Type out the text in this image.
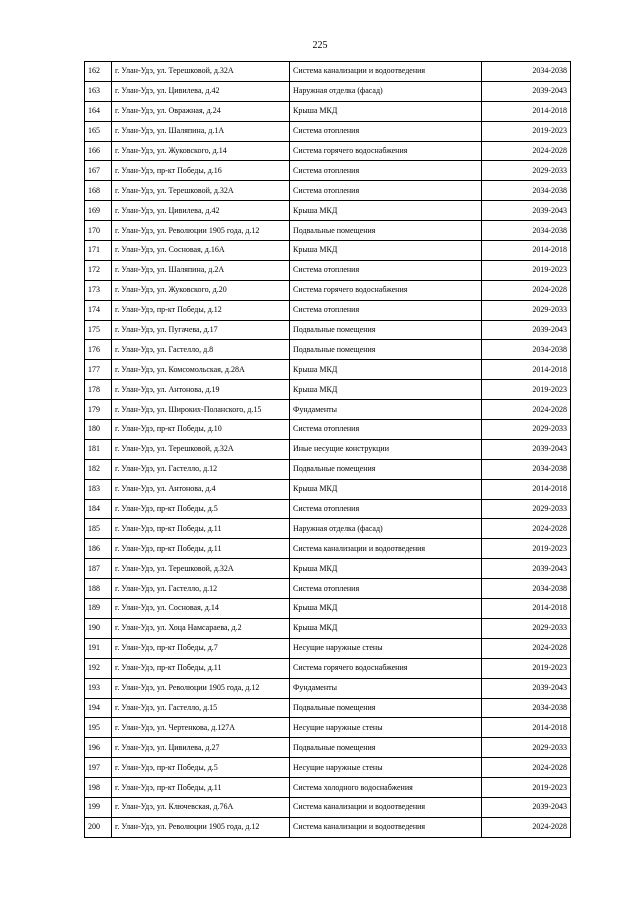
225
162	г. Улан-Удэ, ул. Терешковой, д.32А	Система канализации и водоотведения	2034-2038
163	г. Улан-Удэ, ул. Цивилева, д.42	Наружная отделка (фасад)	2039-2043
164	г. Улан-Удэ, ул. Овражная, д.24	Крыша МКД	2014-2018
165	г. Улан-Удэ, ул. Шаляпина, д.1А	Система отопления	2019-2023
166	г. Улан-Удэ, ул. Жуковского, д.14	Система горячего водоснабжения	2024-2028
167	г. Улан-Удэ, пр-кт Победы, д.16	Система отопления	2029-2033
168	г. Улан-Удэ, ул. Терешковой, д.32А	Система отопления	2034-2038
169	г. Улан-Удэ, ул. Цивилева, д.42	Крыша МКД	2039-2043
170	г. Улан-Удэ, ул. Революции 1905 года, д.12	Подвальные помещения	2034-2038
171	г. Улан-Удэ, ул. Сосновая, д.16А	Крыша МКД	2014-2018
172	г. Улан-Удэ, ул. Шаляпина, д.2А	Система отопления	2019-2023
173	г. Улан-Удэ, ул. Жуковского, д.20	Система горячего водоснабжения	2024-2028
174	г. Улан-Удэ, пр-кт Победы, д.12	Система отопления	2029-2033
175	г. Улан-Удэ, ул. Пугачева, д.17	Подвальные помещения	2039-2043
176	г. Улан-Удэ, ул. Гастелло, д.8	Подвальные помещения	2034-2038
177	г. Улан-Удэ, ул. Комсомольская, д.28А	Крыша МКД	2014-2018
178	г. Улан-Удэ, ул. Антонова, д.19	Крыша МКД	2019-2023
179	г. Улан-Удэ, ул. Широких-Поланского, д.15	Фундаменты	2024-2028
180	г. Улан-Удэ, пр-кт Победы, д.10	Система отопления	2029-2033
181	г. Улан-Удэ, ул. Терешковой, д.32А	Иные несущие конструкции	2039-2043
182	г. Улан-Удэ, ул. Гастелло, д.12	Подвальные помещения	2034-2038
183	г. Улан-Удэ, ул. Антонова, д.4	Крыша МКД	2014-2018
184	г. Улан-Удэ, пр-кт Победы, д.5	Система отопления	2029-2033
185	г. Улан-Удэ, пр-кт Победы, д.11	Наружная отделка (фасад)	2024-2028
186	г. Улан-Удэ, пр-кт Победы, д.11	Система канализации и водоотведения	2019-2023
187	г. Улан-Удэ, ул. Терешковой, д.32А	Крыша МКД	2039-2043
188	г. Улан-Удэ, ул. Гастелло, д.12	Система отопления	2034-2038
189	г. Улан-Удэ, ул. Сосновая, д.14	Крыша МКД	2014-2018
190	г. Улан-Удэ, ул. Хоца Намсараева, д.2	Крыша МКД	2029-2033
191	г. Улан-Удэ, пр-кт Победы, д.7	Несущие наружные стены	2024-2028
192	г. Улан-Удэ, пр-кт Победы, д.11	Система горячего водоснабжения	2019-2023
193	г. Улан-Удэ, ул. Революции 1905 года, д.12	Фундаменты	2039-2043
194	г. Улан-Удэ, ул. Гастелло, д.15	Подвальные помещения	2034-2038
195	г. Улан-Удэ, ул. Чертенкова, д.127А	Несущие наружные стены	2014-2018
196	г. Улан-Удэ, ул. Цивилева, д.27	Подвальные помещения	2029-2033
197	г. Улан-Удэ, пр-кт Победы, д.5	Несущие наружные стены	2024-2028
198	г. Улан-Удэ, пр-кт Победы, д.11	Система холодного водоснабжения	2019-2023
199	г. Улан-Удэ, ул. Ключевская, д.76А	Система канализации и водоотведения	2039-2043
200	г. Улан-Удэ, ул. Революции 1905 года, д.12	Система канализации и водоотведения	2024-2028
